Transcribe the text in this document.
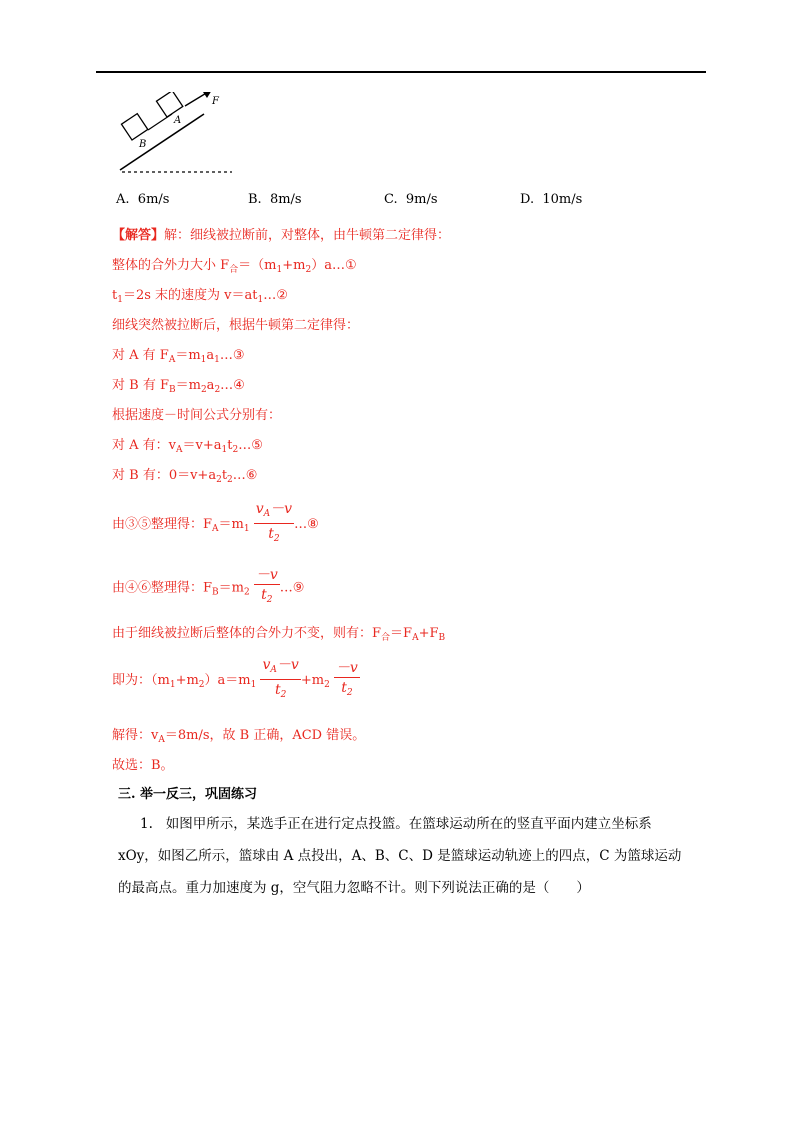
B
A
F
A. 6m/s	B. 8m/s	C. 9m/s	D. 10m/s
【解答】解：细线被拉断前，对整体，由牛顿第二定律得：
整体的合外力大小 $F_合=(m_1+m_2)a\dots ①$
$t_1=2s$ 末的速度为 $v=at_1\dots ②$
细线突然被拉断后，根据牛顿第二定律得：
对 A 有 $F_A=m_1a_1\dots ③$
对 B 有 $F_B=m_2a_2\dots ④$
根据速度－时间公式分别有：
对 A 有：$v_A=v+a_1t_2\dots ⑤$
对 B 有：$0=v+a_2t_2\dots ⑥$
由③⑤整理得：$F_A=m_1 \frac{v_A-v}{t_2}$ …⑧
由④⑥整理得：$F_B=m_2 \frac{-v}{t_2}$ …⑨
由于细线被拉断后整体的合外力不变，则有：$F_合=F_A+F_B$
即为：$(m_1+m_2)a=m_1 \frac{v_A-v}{t_2} +m_2 \frac{-v}{t_2}$
解得：$v_A=8m/s$，故 B 正确，ACD 错误。
故选：B。
三. 举一反三，巩固练习
1. 如图甲所示，某选手正在进行定点投篮。在篮球运动所在的竖直平面内建立坐标系
xOy，如图乙所示，篮球由 A 点投出，A、B、C、D 是篮球运动轨迹上的四点，C 为篮球运动
的最高点。重力加速度为 g，空气阻力忽略不计。则下列说法正确的是（　　）
